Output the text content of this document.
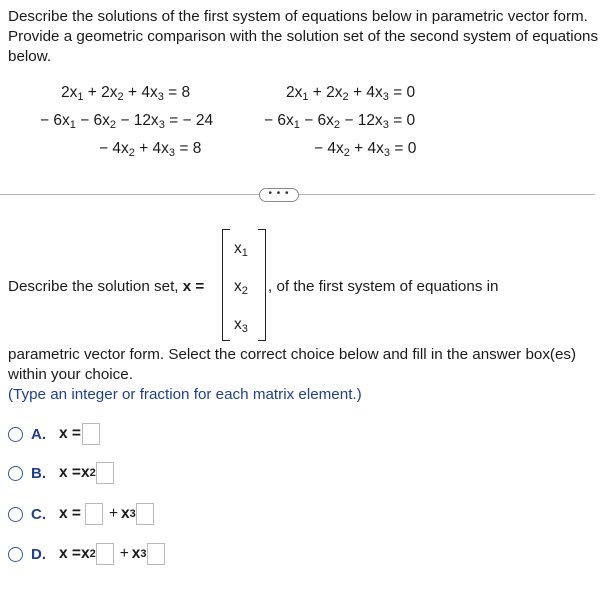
Describe the solutions of the first system of equations below in parametric vector form. Provide a geometric comparison with the solution set of the second system of equations below.
$2x_1 + 2x_2 + 4x_3 = 8$
− $6x_1 - 6x_2 - 12x_3$ = − 24
− $4x_2 + 4x_3 = 8$
$2x_1 + 2x_2 + 4x_3 = 0$
− $6x_1 - 6x_2 - 12x_3 = 0$
− $4x_2 + 4x_3 = 0$
• • •
Describe the solution set, x =
$x_1$
$x_2$
$x_3$
, of the first system of equations in
parametric vector form. Select the correct choice below and fill in the answer box(es) within your choice.
(Type an integer or fraction for each matrix element.)
A. x =
B. x = x 2
C. x = + x 3
D. x = x 2 + x 3
